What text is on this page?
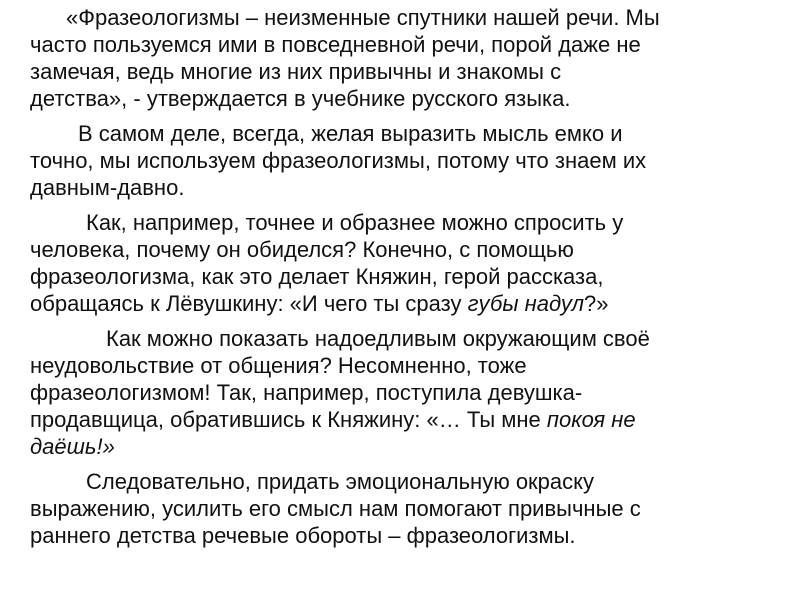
«Фразеологизмы – неизменные спутники нашей речи. Мы
часто пользуемся ими в повседневной речи, порой даже не
замечая, ведь многие из них привычны и знакомы с
детства», - утверждается в учебнике русского языка.
В самом деле, всегда, желая выразить мысль емко и
точно, мы используем фразеологизмы, потому что знаем их
давным-давно.
Как, например, точнее и образнее можно спросить у
человека, почему он обиделся? Конечно, с помощью
фразеологизма, как это делает Княжин, герой рассказа,
обращаясь к Лёвушкину: «И чего ты сразу губы надул?»
Как можно показать надоедливым окружающим своё
неудовольствие от общения? Несомненно, тоже
фразеологизмом! Так, например, поступила девушка-
продавщица, обратившись к Княжину: «… Ты мне покоя не
даёшь!»
Следовательно, придать эмоциональную окраску
выражению, усилить его смысл нам помогают привычные с
раннего детства речевые обороты – фразеологизмы.
